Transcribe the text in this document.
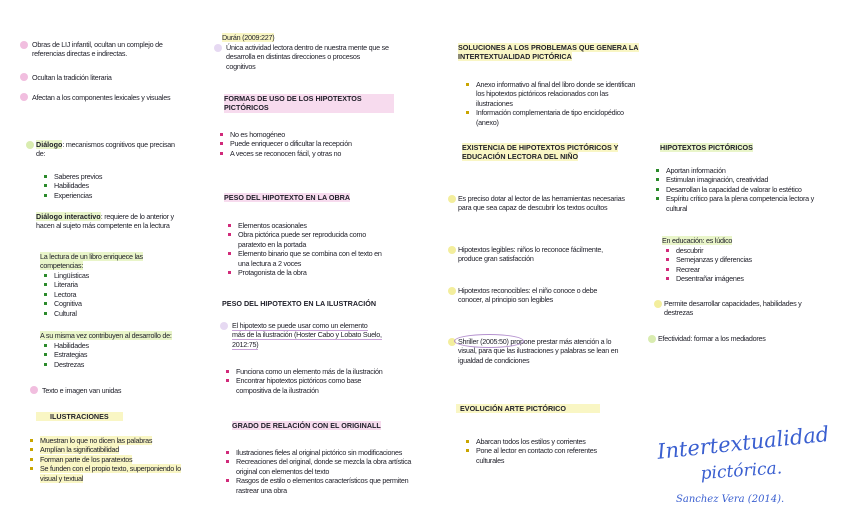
Obras de LIJ infantil, ocultan un complejo de referencias directas e indirectas.
Ocultan la tradición literaria
Afectan a los componentes lexicales y visuales
Diálogo: mecanismos cognitivos que precisan de:
Saberes previos
Habilidades
Experiencias
Diálogo interactivo: requiere de lo anterior y hacen al sujeto más competente en la lectura
La lectura de un libro enriquece las competencias:
Lingüísticas
Literaria
Lectora
Cognitiva
Cultural
A su misma vez contribuyen al desarrollo de:
Habilidades
Estrategias
Destrezas
Texto e imagen van unidas
ILUSTRACIONES
Muestran lo que no dicen las palabras
Amplían la significatibilidad
Forman parte de los paratextos
Se funden con el propio texto, superponiendo lo visual y textual
Durán (2009:227)
Única actividad lectora dentro de nuestra mente que se desarrolla en distintas direcciones o procesos cognitivos
FORMAS DE USO DE LOS HIPOTEXTOS PICTÓRICOS
No es homogéneo
Puede enriquecer o dificultar la recepción
A veces se reconocen fácil, y otras no
PESO DEL HIPOTEXTO EN LA OBRA
Elementos ocasionales
Obra pictórica puede ser reproducida como paratexto en la portada
Elemento binario que se combina con el texto en una lectura a 2 voces
Protagonista de la obra
PESO DEL HIPOTEXTO EN LA ILUSTRACIÓN
El hipotexto se puede usar como un elemento más de la ilustración (Hoster Cabo y Lobato Suelo, 2012:75)
Funciona como un elemento más de la ilustración
Encontrar hipotextos pictóricos como base compositiva de la ilustración
GRADO DE RELACIÓN CON EL ORIGINALL
Ilustraciones fieles al original pictórico sin modificaciones
Recreaciones del original, donde se mezcla la obra artística original con elementos del texto
Rasgos de estilo o elementos característicos que permiten rastrear una obra
SOLUCIONES A LOS PROBLEMAS QUE GENERA LA INTERTEXTUALIDAD PICTÓRICA
Anexo informativo al final del libro donde se identifican los hipotextos pictóricos relacionados con las ilustraciones
Información complementaria de tipo enciclopédico (anexo)
EXISTENCIA DE HIPOTEXTOS PICTÓRICOS Y EDUCACIÓN LECTORA DEL NIÑO
Es preciso dotar al lector de las herramientas necesarias para que sea capaz de descubrir los textos ocultos
Hipotextos legibles: niños lo reconoce fácilmente, produce gran satisfacción
Hipotextos reconocibles: el niño conoce o debe conocer, al principio son legibles
Shriller (2005:50) propone prestar más atención a lo visual, para que las ilustraciones y palabras se lean en igualdad de condiciones
EVOLUCIÓN ARTE PICTÓRICO
Abarcan todos los estilos y corrientes
Pone al lector en contacto con referentes culturales
HIPOTEXTOS PICTÓRICOS
Aportan información
Estimulan imaginación, creatividad
Desarrollan la capacidad de valorar lo estético
Espíritu crítico para la plena competencia lectora y cultural
En educación: es lúdico
descubrir
Semejanzas y diferencias
Recrear
Desentrañar imágenes
Permite desarrollar capacidades, habilidades y destrezas
Efectividad: formar a los mediadores
Intertextualidad
pictórica.
Sanchez Vera (2014).
